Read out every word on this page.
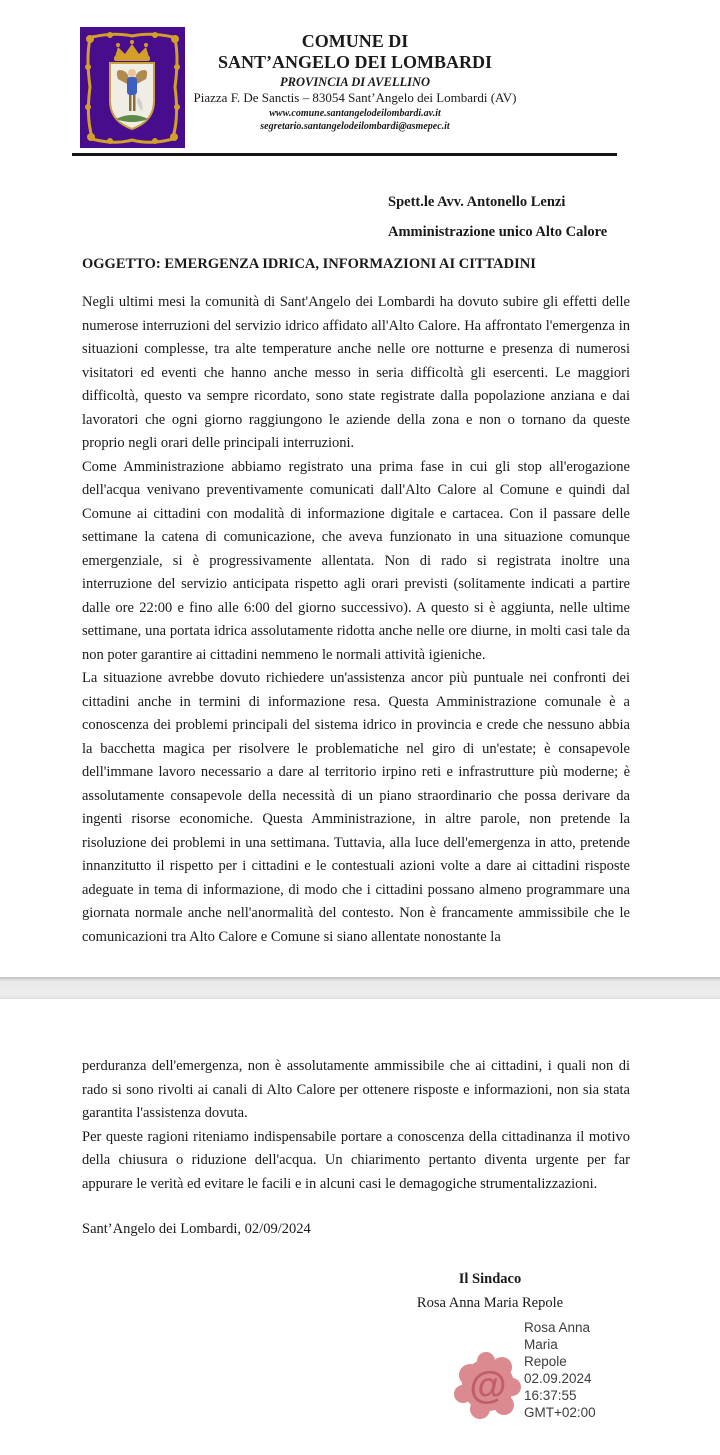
COMUNE DI
SANT’ANGELO DEI LOMBARDI
PROVINCIA DI AVELLINO
Piazza F. De Sanctis – 83054 Sant’Angelo dei Lombardi (AV)
www.comune.santangelodeilombardi.av.it
segretario.santangelodeilombardi@asmepec.it
Spett.le Avv. Antonello Lenzi
Amministrazione unico Alto Calore
OGGETTO: EMERGENZA IDRICA, INFORMAZIONI AI CITTADINI

Negli ultimi mesi la comunità di Sant'Angelo dei Lombardi ha dovuto subire gli effetti delle numerose interruzioni del servizio idrico affidato all'Alto Calore. Ha affrontato l'emergenza in situazioni complesse, tra alte temperature anche nelle ore notturne e presenza di numerosi visitatori ed eventi che hanno anche messo in seria difficoltà gli esercenti. Le maggiori difficoltà, questo va sempre ricordato, sono state registrate dalla popolazione anziana e dai lavoratori che ogni giorno raggiungono le aziende della zona e non o tornano da queste proprio negli orari delle principali interruzioni.

Come Amministrazione abbiamo registrato una prima fase in cui gli stop all'erogazione dell'acqua venivano preventivamente comunicati dall'Alto Calore al Comune e quindi dal Comune ai cittadini con modalità di informazione digitale e cartacea. Con il passare delle settimane la catena di comunicazione, che aveva funzionato in una situazione comunque emergenziale, si è progressivamente allentata. Non di rado si registrata inoltre una interruzione del servizio anticipata rispetto agli orari previsti (solitamente indicati a partire dalle ore 22:00 e fino alle 6:00 del giorno successivo). A questo si è aggiunta, nelle ultime settimane, una portata idrica assolutamente ridotta anche nelle ore diurne, in molti casi tale da non poter garantire ai cittadini nemmeno le normali attività igieniche.

La situazione avrebbe dovuto richiedere un'assistenza ancor più puntuale nei confronti dei cittadini anche in termini di informazione resa. Questa Amministrazione comunale è a conoscenza dei problemi principali del sistema idrico in provincia e crede che nessuno abbia la bacchetta magica per risolvere le problematiche nel giro di un'estate; è consapevole dell'immane lavoro necessario a dare al territorio irpino reti e infrastrutture più moderne; è assolutamente consapevole della necessità di un piano straordinario che possa derivare da ingenti risorse economiche. Questa Amministrazione, in altre parole, non pretende la risoluzione dei problemi in una settimana. Tuttavia, alla luce dell'emergenza in atto, pretende innanzitutto il rispetto per i cittadini e le contestuali azioni volte a dare ai cittadini risposte adeguate in tema di informazione, di modo che i cittadini possano almeno programmare una giornata normale anche nell'anormalità del contesto. Non è francamente ammissibile che le comunicazioni tra Alto Calore e Comune si siano allentate nonostante la

perduranza dell'emergenza, non è assolutamente ammissibile che ai cittadini, i quali non di rado si sono rivolti ai canali di Alto Calore per ottenere risposte e informazioni, non sia stata garantita l'assistenza dovuta.

Per queste ragioni riteniamo indispensabile portare a conoscenza della cittadinanza il motivo della chiusura o riduzione dell'acqua. Un chiarimento pertanto diventa urgente per far appurare le verità ed evitare le facili e in alcuni casi le demagogiche strumentalizzazioni.

Sant’Angelo dei Lombardi, 02/09/2024
Il Sindaco
Rosa Anna Maria Repole
Rosa Anna
Maria
Repole
02.09.2024
16:37:55
GMT+02:00
@
